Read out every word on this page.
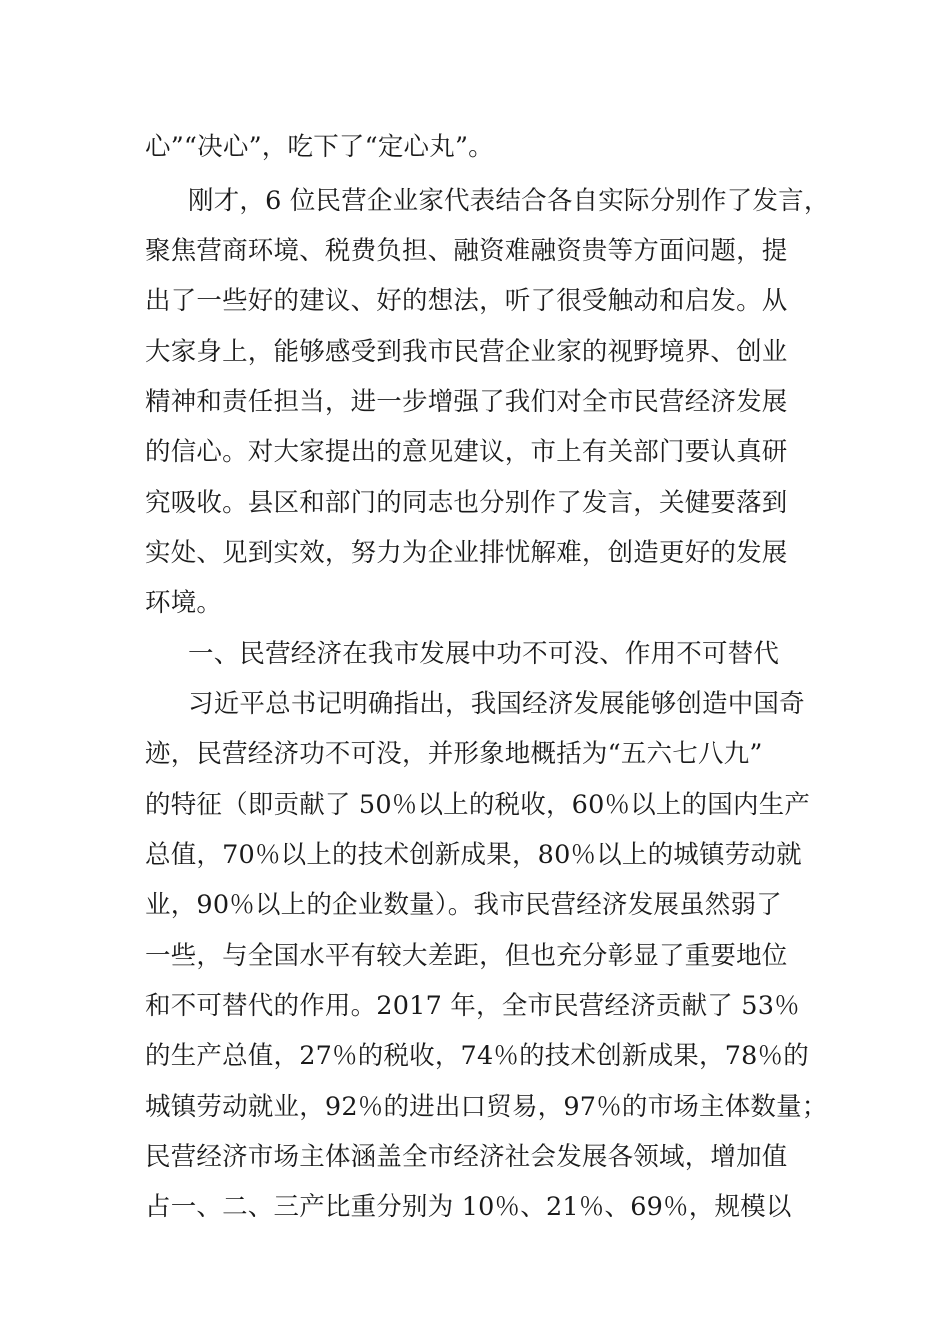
心”“决心”，吃下了“定心丸”。
刚才，6 位民营企业家代表结合各自实际分别作了发言，
聚焦营商环境、税费负担、融资难融资贵等方面问题，提
出了一些好的建议、好的想法，听了很受触动和启发。从
大家身上，能够感受到我市民营企业家的视野境界、创业
精神和责任担当，进一步增强了我们对全市民营经济发展
的信心。对大家提出的意见建议，市上有关部门要认真研
究吸收。县区和部门的同志也分别作了发言，关健要落到
实处、见到实效，努力为企业排忧解难，创造更好的发展
环境。
一、民营经济在我市发展中功不可没、作用不可替代
习近平总书记明确指出，我国经济发展能够创造中国奇
迹，民营经济功不可没，并形象地概括为“五六七八九”
的特征（即贡献了 50％以上的税收，60％以上的国内生产
总值，70％以上的技术创新成果，80％以上的城镇劳动就
业，90％以上的企业数量）。我市民营经济发展虽然弱了
一些，与全国水平有较大差距，但也充分彰显了重要地位
和不可替代的作用。2017 年，全市民营经济贡献了 53％
的生产总值，27％的税收，74％的技术创新成果，78％的
城镇劳动就业，92％的进出口贸易，97％的市场主体数量；
民营经济市场主体涵盖全市经济社会发展各领域，增加值
占一、二、三产比重分别为 10％、21％、69％，规模以
